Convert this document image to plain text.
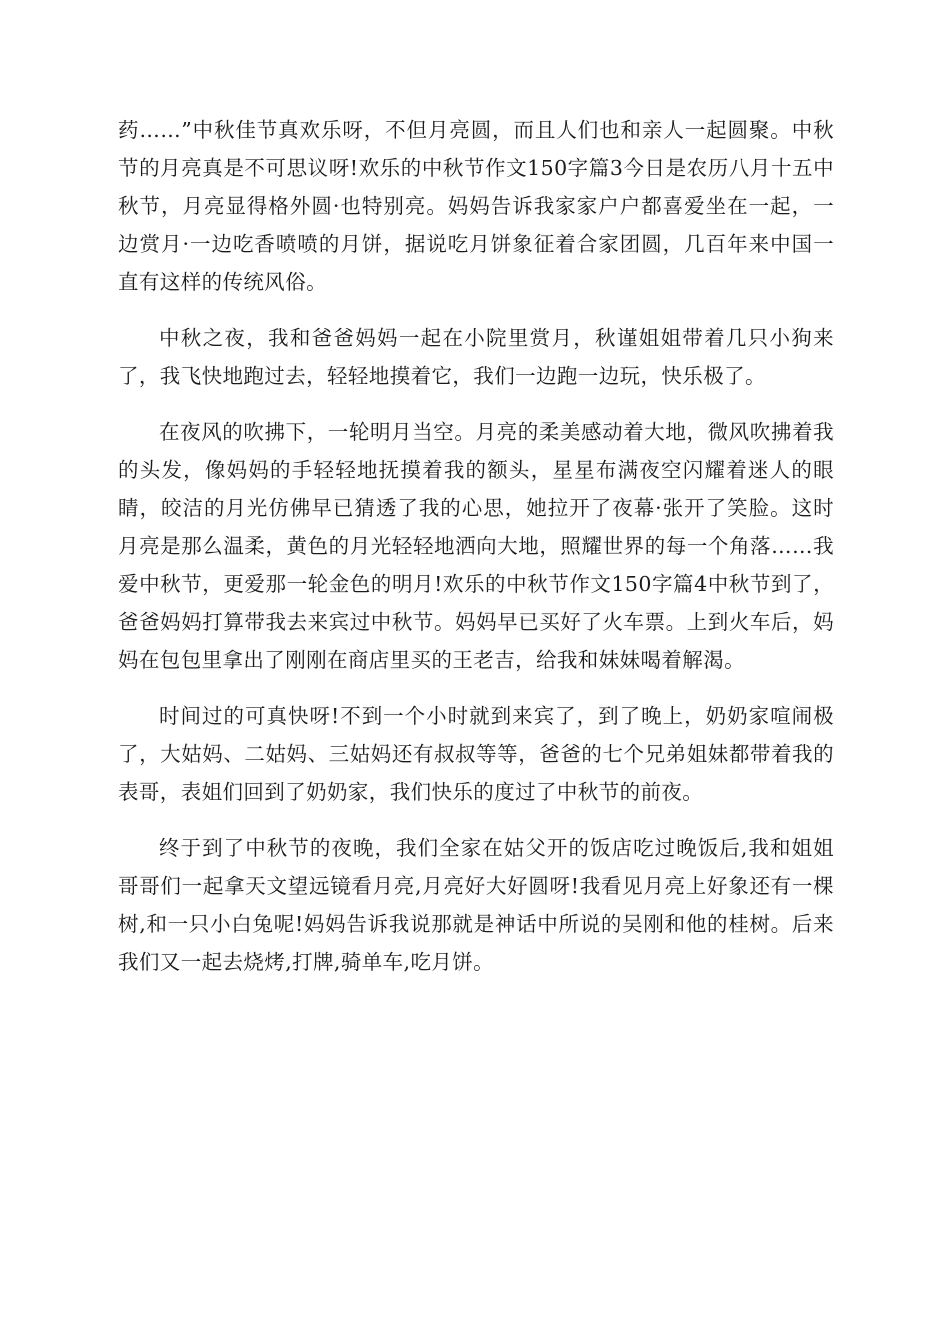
药……”中秋佳节真欢乐呀，不但月亮圆，而且人们也和亲人一起圆聚。中秋节的月亮真是不可思议呀!欢乐的中秋节作文150字篇3今日是农历八月十五中秋节，月亮显得格外圆·也特别亮。妈妈告诉我家家户户都喜爱坐在一起，一边赏月·一边吃香喷喷的月饼，据说吃月饼象征着合家团圆，几百年来中国一直有这样的传统风俗。

中秋之夜，我和爸爸妈妈一起在小院里赏月，秋谨姐姐带着几只小狗来了，我飞快地跑过去，轻轻地摸着它，我们一边跑一边玩，快乐极了。

在夜风的吹拂下，一轮明月当空。月亮的柔美感动着大地，微风吹拂着我的头发，像妈妈的手轻轻地抚摸着我的额头，星星布满夜空闪耀着迷人的眼睛，皎洁的月光仿佛早已猜透了我的心思，她拉开了夜幕·张开了笑脸。这时月亮是那么温柔，黄色的月光轻轻地洒向大地，照耀世界的每一个角落……我爱中秋节，更爱那一轮金色的明月!欢乐的中秋节作文150字篇4中秋节到了，爸爸妈妈打算带我去来宾过中秋节。妈妈早已买好了火车票。上到火车后，妈妈在包包里拿出了刚刚在商店里买的王老吉，给我和妹妹喝着解渴。

时间过的可真快呀!不到一个小时就到来宾了，到了晚上，奶奶家喧闹极了，大姑妈、二姑妈、三姑妈还有叔叔等等，爸爸的七个兄弟姐妹都带着我的表哥，表姐们回到了奶奶家，我们快乐的度过了中秋节的前夜。

终于到了中秋节的夜晚，我们全家在姑父开的饭店吃过晚饭后,我和姐姐哥哥们一起拿天文望远镜看月亮,月亮好大好圆呀!我看见月亮上好象还有一棵树,和一只小白兔呢!妈妈告诉我说那就是神话中所说的吴刚和他的桂树。后来我们又一起去烧烤,打牌,骑单车,吃月饼。
